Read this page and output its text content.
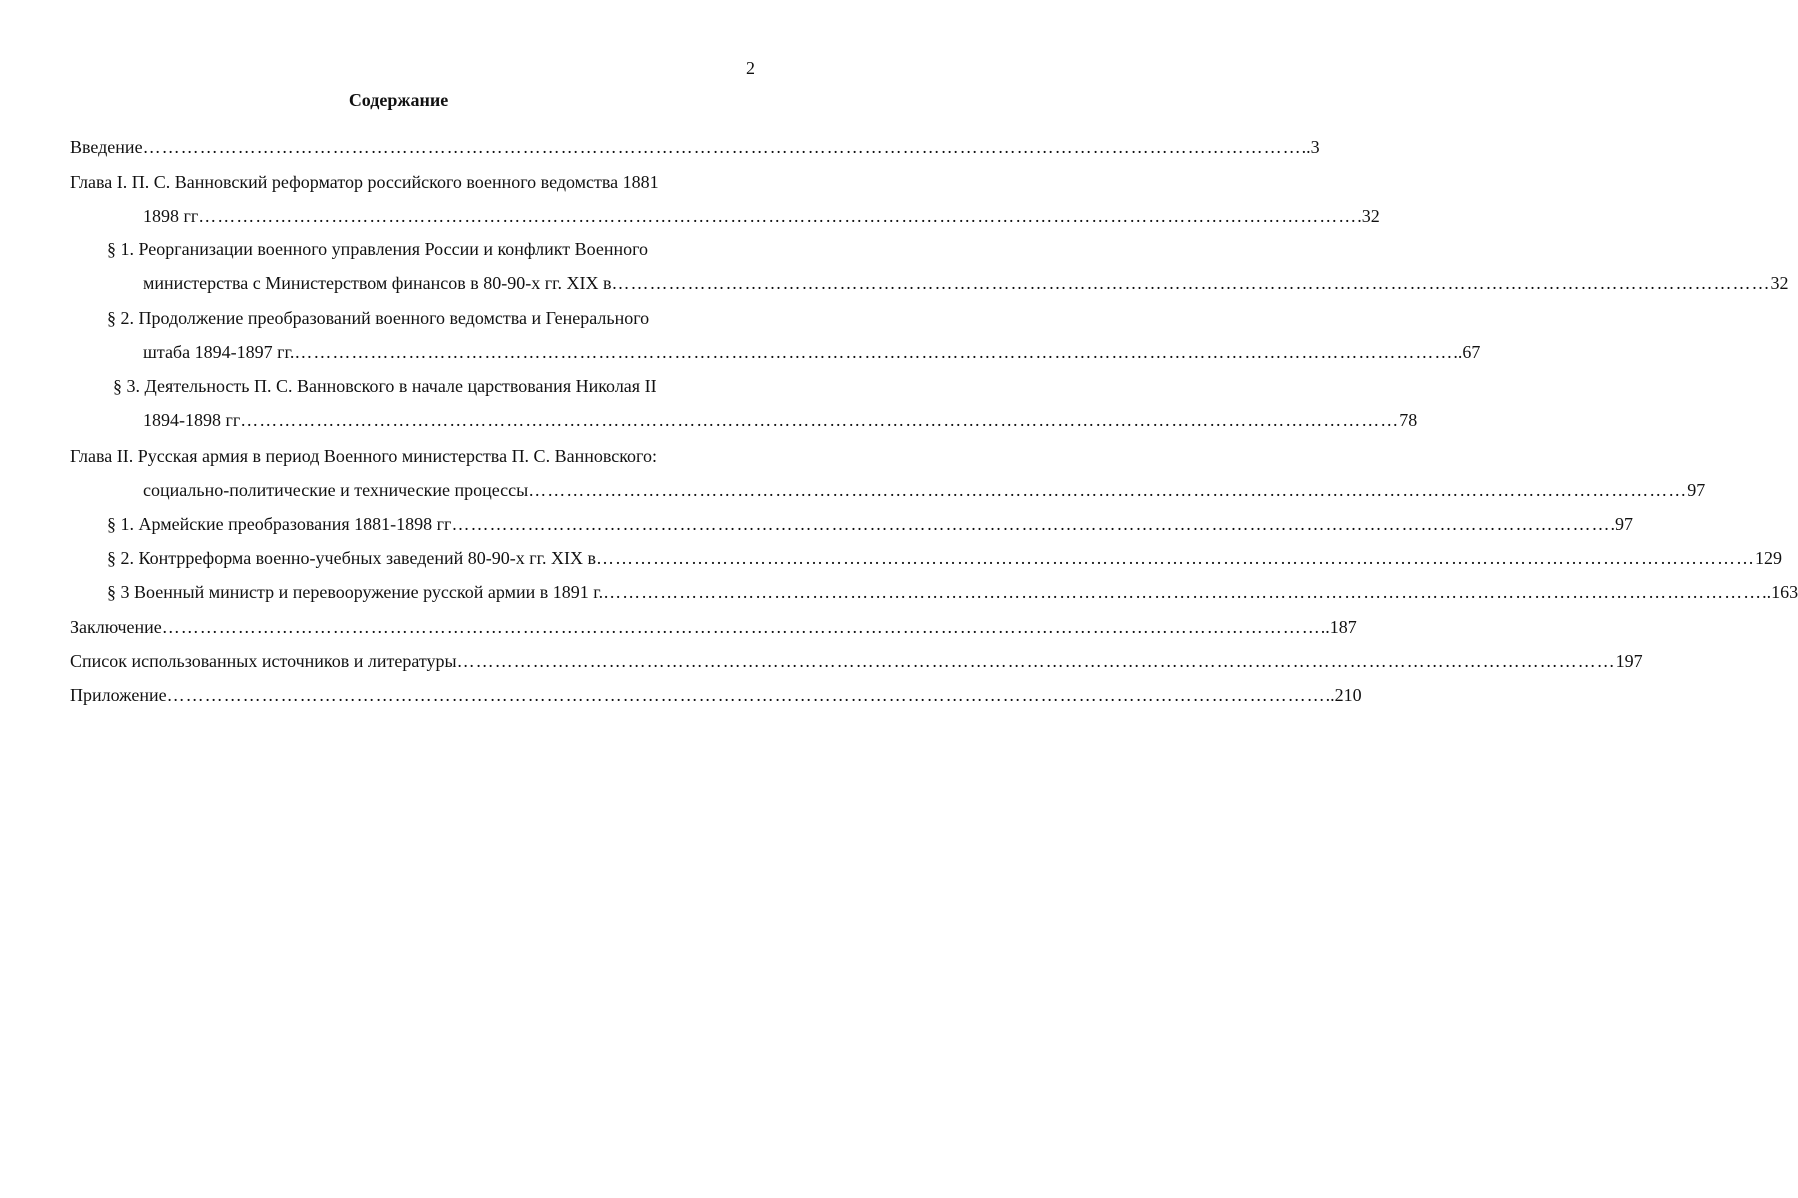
2
Содержание
Введение ………………………………………………………………………………………………………………………………………………………………… ..3
Глава I. П. С. Ванновский реформатор российского военного ведомства 1881
1898 гг ………………………………………………………………………………………………………………………………………………………………… .32
§ 1. Реорганизации военного управления России и конфликт Военного
министерства с Министерством финансов в 80-90-х гг. XIX в ………………………………………………………………………………………………………………………………………………………………… 32
§ 2. Продолжение преобразований военного ведомства и Генерального
штаба 1894-1897 гг. ………………………………………………………………………………………………………………………………………………………………… ..67
§ 3. Деятельность П. С. Ванновского в начале царствования Николая II
1894-1898 гг ………………………………………………………………………………………………………………………………………………………………… 78
Глава II. Русская армия в период Военного министерства П. С. Ванновского:
социально-политические и технические процессы ………………………………………………………………………………………………………………………………………………………………… 97
§ 1. Армейские преобразования 1881-1898 гг ………………………………………………………………………………………………………………………………………………………………… .97
§ 2. Контрреформа военно-учебных заведений 80-90-х гг. XIX в ………………………………………………………………………………………………………………………………………………………………… 129
§ 3 Военный министр и перевооружение русской армии в 1891 г. ………………………………………………………………………………………………………………………………………………………………… ..163
Заключение ………………………………………………………………………………………………………………………………………………………………… ..187
Список использованных источников и литературы ………………………………………………………………………………………………………………………………………………………………… 197
Приложение ………………………………………………………………………………………………………………………………………………………………… ..210
